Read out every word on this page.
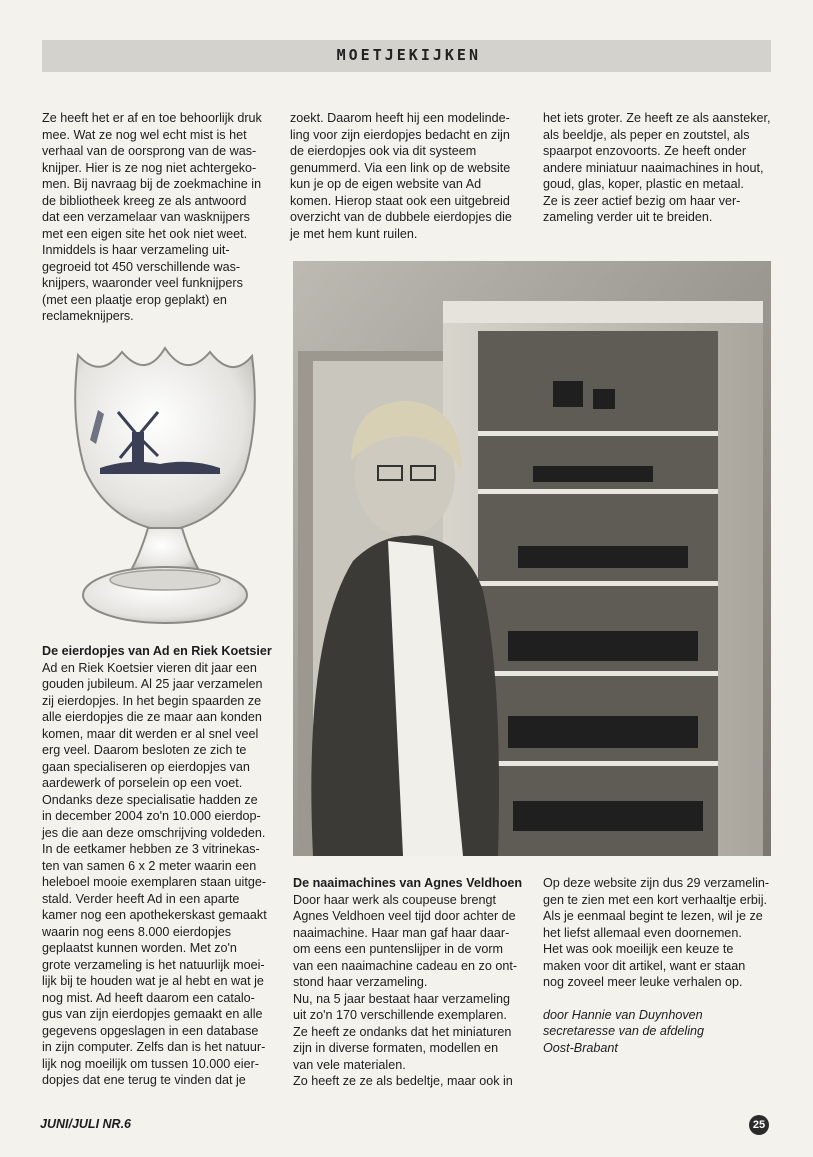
MOETJEKIJKEN
Ze heeft het er af en toe behoorlijk druk
mee. Wat ze nog wel echt mist is het
verhaal van de oorsprong van de was-
knijper. Hier is ze nog niet achtergeko-
men. Bij navraag bij de zoekmachine in
de bibliotheek kreeg ze als antwoord
dat een verzamelaar van wasknijpers
met een eigen site het ook niet weet.
Inmiddels is haar verzameling uit-
gegroeid tot 450 verschillende was-
knijpers, waaronder veel funknijpers
(met een plaatje erop geplakt) en
reclameknijpers.
De eierdopjes van Ad en Riek Koetsier
Ad en Riek Koetsier vieren dit jaar een
gouden jubileum. Al 25 jaar verzamelen
zij eierdopjes. In het begin spaarden ze
alle eierdopjes die ze maar aan konden
komen, maar dit werden er al snel veel
erg veel. Daarom besloten ze zich te
gaan specialiseren op eierdopjes van
aardewerk of porselein op een voet.
Ondanks deze specialisatie hadden ze
in december 2004 zo'n 10.000 eierdop-
jes die aan deze omschrijving voldeden.
In de eetkamer hebben ze 3 vitrinekas-
ten van samen 6 x 2 meter waarin een
heleboel mooie exemplaren staan uitge-
stald. Verder heeft Ad in een aparte
kamer nog een apothekerskast gemaakt
waarin nog eens 8.000 eierdopjes
geplaatst kunnen worden. Met zo'n
grote verzameling is het natuurlijk moei-
lijk bij te houden wat je al hebt en wat je
nog mist. Ad heeft daarom een catalo-
gus van zijn eierdopjes gemaakt en alle
gegevens opgeslagen in een database
in zijn computer. Zelfs dan is het natuur-
lijk nog moeilijk om tussen 10.000 eier-
dopjes dat ene terug te vinden dat je
zoekt. Daarom heeft hij een modelinde-
ling voor zijn eierdopjes bedacht en zijn
de eierdopjes ook via dit systeem
genummerd. Via een link op de website
kun je op de eigen website van Ad
komen. Hierop staat ook een uitgebreid
overzicht van de dubbele eierdopjes die
je met hem kunt ruilen.
het iets groter. Ze heeft ze als aansteker,
als beeldje, als peper en zoutstel, als
spaarpot enzovoorts. Ze heeft onder
andere miniatuur naaimachines in hout,
goud, glas, koper, plastic en metaal.
Ze is zeer actief bezig om haar ver-
zameling verder uit te breiden.
De naaimachines van Agnes Veldhoen
Door haar werk als coupeuse brengt
Agnes Veldhoen veel tijd door achter de
naaimachine. Haar man gaf haar daar-
om eens een puntenslijper in de vorm
van een naaimachine cadeau en zo ont-
stond haar verzameling.
Nu, na 5 jaar bestaat haar verzameling
uit zo'n 170 verschillende exemplaren.
Ze heeft ze ondanks dat het miniaturen
zijn in diverse formaten, modellen en
van vele materialen.
Zo heeft ze ze als bedeltje, maar ook in
Op deze website zijn dus 29 verzamelin-
gen te zien met een kort verhaaltje erbij.
Als je eenmaal begint te lezen, wil je ze
het liefst allemaal even doornemen.
Het was ook moeilijk een keuze te
maken voor dit artikel, want er staan
nog zoveel meer leuke verhalen op.
door Hannie van Duynhoven
secretaresse van de afdeling
Oost-Brabant
JUNI/JULI NR.6	25
